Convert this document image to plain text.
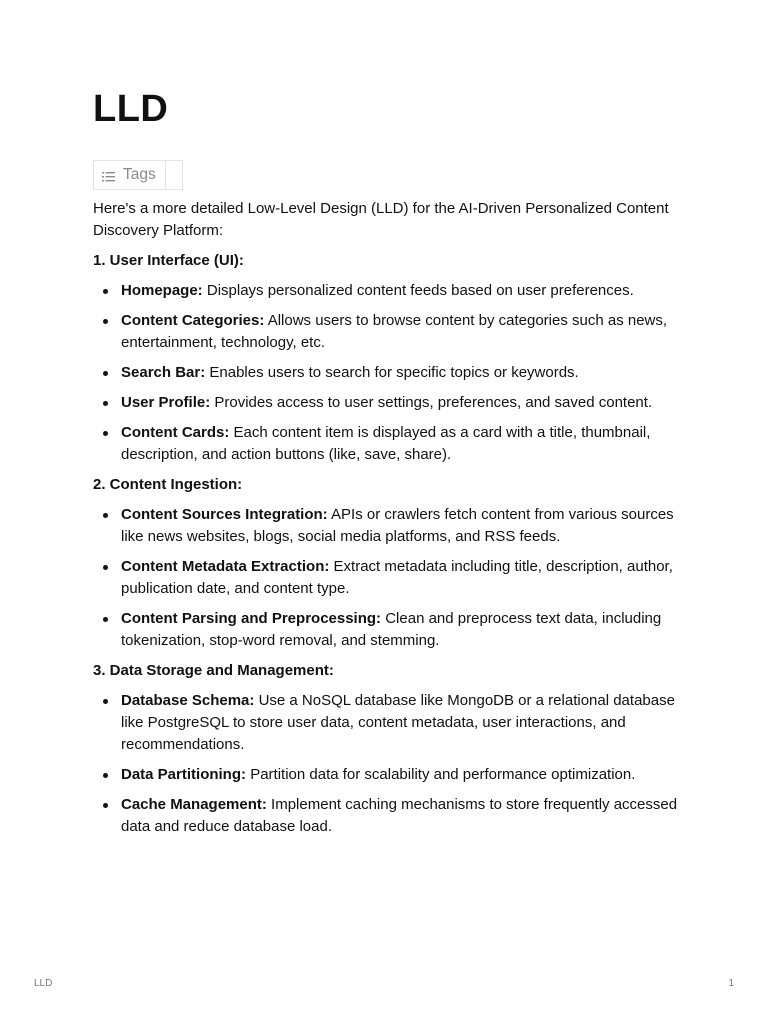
LLD
Tags

Here's a more detailed Low-Level Design (LLD) for the AI-Driven Personalized Content Discovery Platform:

1. User Interface (UI):

Homepage: Displays personalized content feeds based on user preferences.
Content Categories: Allows users to browse content by categories such as news, entertainment, technology, etc.
Search Bar: Enables users to search for specific topics or keywords.
User Profile: Provides access to user settings, preferences, and saved content.
Content Cards: Each content item is displayed as a card with a title, thumbnail, description, and action buttons (like, save, share).

2. Content Ingestion:

Content Sources Integration: APIs or crawlers fetch content from various sources like news websites, blogs, social media platforms, and RSS feeds.
Content Metadata Extraction: Extract metadata including title, description, author, publication date, and content type.
Content Parsing and Preprocessing: Clean and preprocess text data, including tokenization, stop-word removal, and stemming.

3. Data Storage and Management:

Database Schema: Use a NoSQL database like MongoDB or a relational database like PostgreSQL to store user data, content metadata, user interactions, and recommendations.
Data Partitioning: Partition data for scalability and performance optimization.
Cache Management: Implement caching mechanisms to store frequently accessed data and reduce database load.
LLD	1
